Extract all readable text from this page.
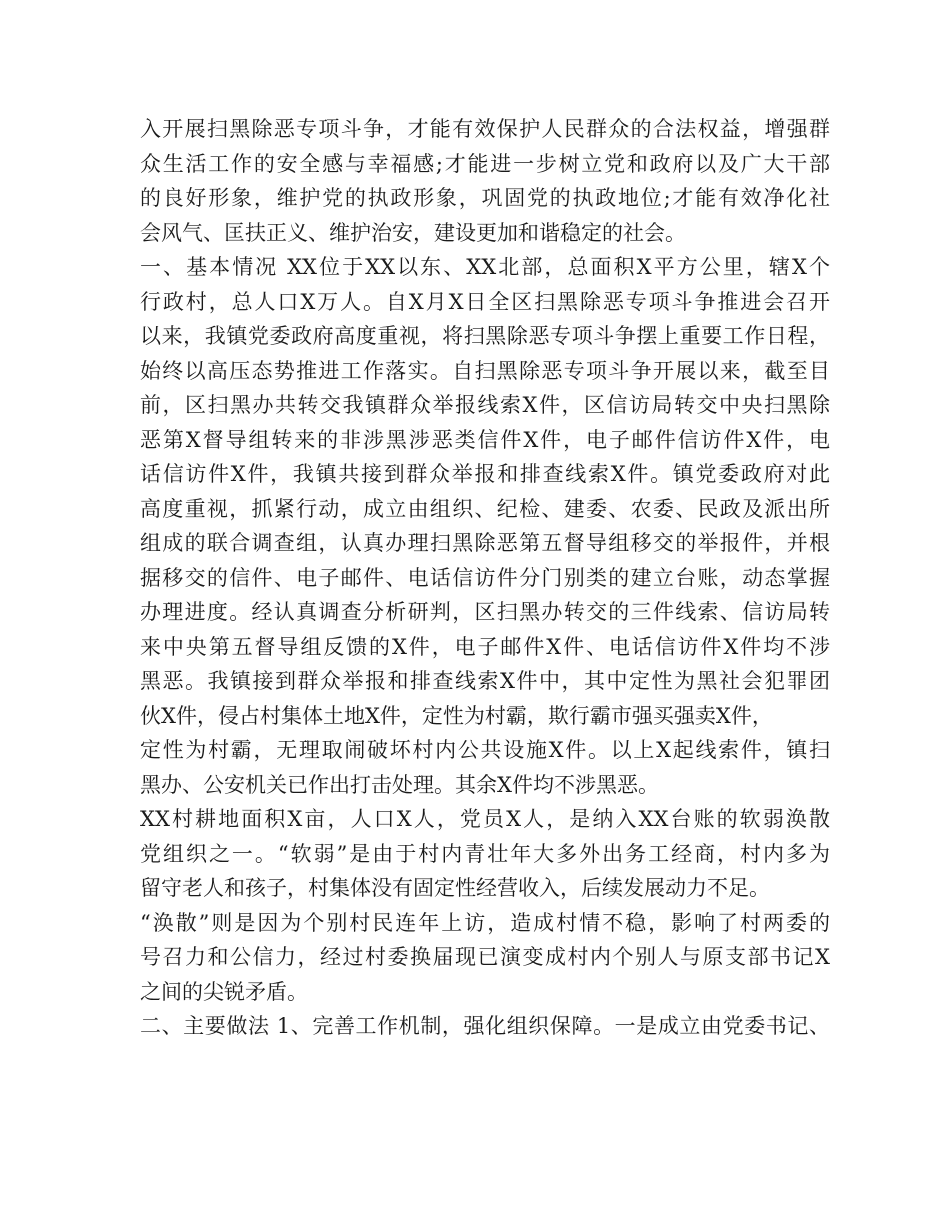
入开展扫黑除恶专项斗争，才能有效保护人民群众的合法权益，增强群
众生活工作的安全感与幸福感;才能进一步树立党和政府以及广大干部
的良好形象，维护党的执政形象，巩固党的执政地位;才能有效净化社
会风气、匡扶正义、维护治安，建设更加和谐稳定的社会。
一、基本情况 XX位于XX以东、XX北部，总面积X平方公里，辖X个
行政村，总人口X万人。自X月X日全区扫黑除恶专项斗争推进会召开
以来，我镇党委政府高度重视，将扫黑除恶专项斗争摆上重要工作日程，
始终以高压态势推进工作落实。自扫黑除恶专项斗争开展以来，截至目
前，区扫黑办共转交我镇群众举报线索X件，区信访局转交中央扫黑除
恶第X督导组转来的非涉黑涉恶类信件X件，电子邮件信访件X件，电
话信访件X件，我镇共接到群众举报和排查线索X件。镇党委政府对此
高度重视，抓紧行动，成立由组织、纪检、建委、农委、民政及派出所
组成的联合调查组，认真办理扫黑除恶第五督导组移交的举报件，并根
据移交的信件、电子邮件、电话信访件分门别类的建立台账，动态掌握
办理进度。经认真调查分析研判，区扫黑办转交的三件线索、信访局转
来中央第五督导组反馈的X件，电子邮件X件、电话信访件X件均不涉
黑恶。我镇接到群众举报和排查线索X件中，其中定性为黑社会犯罪团
伙X件，侵占村集体土地X件，定性为村霸，欺行霸市强买强卖X件，
定性为村霸，无理取闹破坏村内公共设施X件。以上X起线索件，镇扫
黑办、公安机关已作出打击处理。其余X件均不涉黑恶。
XX村耕地面积X亩，人口X人，党员X人，是纳入XX台账的软弱涣散
党组织之一。“软弱”是由于村内青壮年大多外出务工经商，村内多为
留守老人和孩子，村集体没有固定性经营收入，后续发展动力不足。
“涣散”则是因为个别村民连年上访，造成村情不稳，影响了村两委的
号召力和公信力，经过村委换届现已演变成村内个别人与原支部书记X
之间的尖锐矛盾。
二、主要做法 1、完善工作机制，强化组织保障。一是成立由党委书记、
